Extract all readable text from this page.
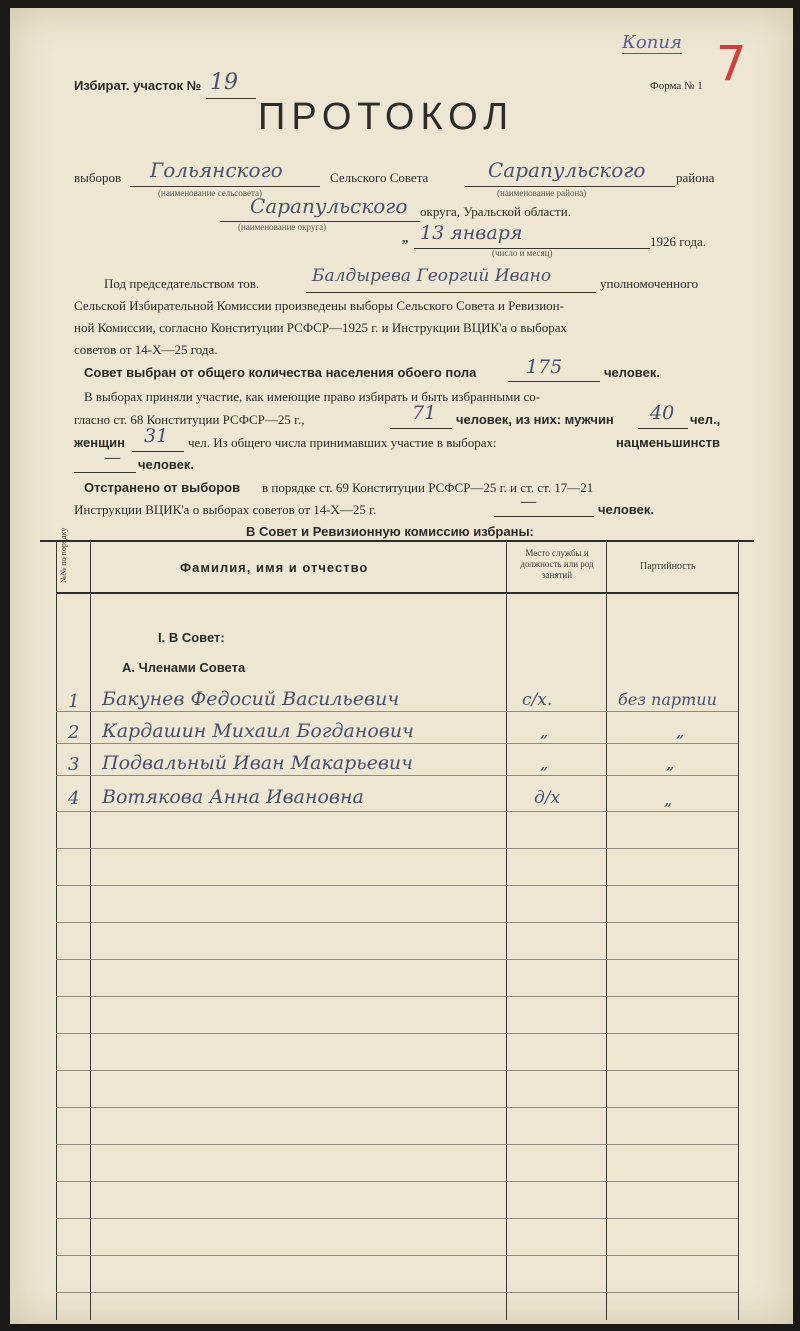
Избират. участок № 19	Форма № 1
Копия 7
ПРОТОКОЛ
выборов Гольянского
(наименование сельсовета)
Сельского Совета	Сарапульского
(наименование района)
района
Сарапульского
(наименование округа)
округа, Уральской области.
„ 13 января
(число и месяц)
1926 года.
Под председательством тов.	Балдырева Георгий Ивано	уполномоченного
Сельской Избирательной Комиссии произведены выборы Сельского Совета и Ревизион-
ной Комиссии, согласно Конституции РСФСР—1925 г. и Инструкции ВЦИК'а о выборах
советов от 14-X—25 года.
Совет выбран от общего количества населения обоего пола	175	человек.
В выборах приняли участие, как имеющие право избирать и быть избранными со-
гласно ст. 68 Конституции РСФСР—25 г.,	71 человек, из них: мужчин 40 чел.,
женщин 31 чел. Из общего числа принимавших участие в выборах:	нацменьшинств
— человек.
Отстранено от выборов в порядке ст. 69 Конституции РСФСР—25 г. и ст. ст. 17—21
Инструкции ВЦИК'а о выборах советов от 14-X—25 г.	—	человек.
В Совет и Ревизионную комиссию избраны:
№№ по порядку	Фамилия, имя и отчество
Место службы и должность или род занятий
Партийность
I. В Совет:
А. Членами Совета
1 Бакунев Федосий Васильевич	с/х.	без партии
2 Кардашин Михаил Богданович	„	„
3 Подвальный Иван Макарьевич	„	„
4 Вотякова Анна Ивановна	д/х	„
